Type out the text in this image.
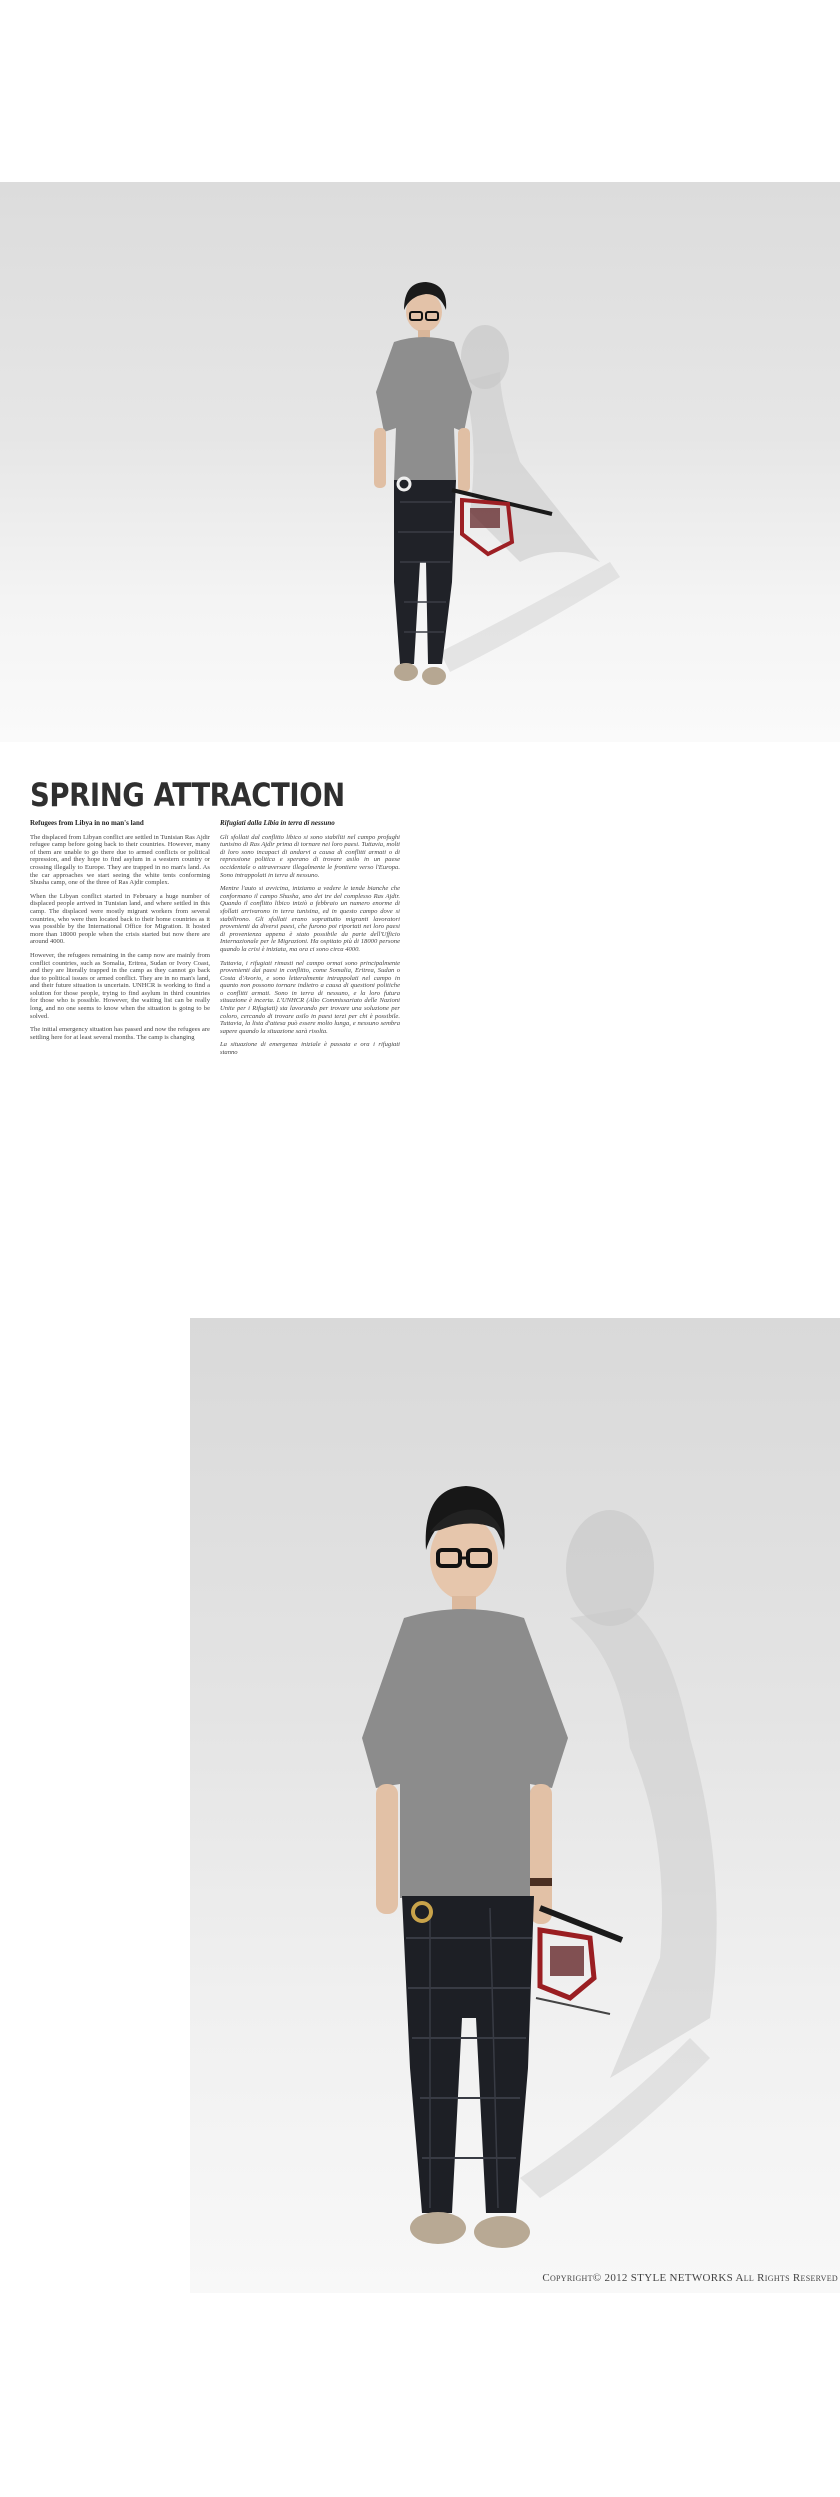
SPRING ATTRACTION
Refugees from Libya in no man's land

The displaced from Libyan conflict are settled in Tunisian Ras Ajdir refugee camp before going back to their countries. However, many of them are unable to go there due to armed conflicts or political repression, and they hope to find asylum in a western country or crossing illegally to Europe. They are trapped in no man's land. As the car approaches we start seeing the white tents conforming Shusha camp, one of the three of Ras Ajdir complex.

When the Libyan conflict started in February a huge number of displaced people arrived in Tunisian land, and where settled in this camp. The displaced were mostly migrant workers from several countries, who were then located back to their home countries as it was possible by the International Office for Migration. It hosted more than 18000 people when the crisis started but now there are around 4000.

However, the refugees remaining in the camp now are mainly from conflict countries, such as Somalia, Eritrea, Sudan or Ivory Coast, and they are literally trapped in the camp as they cannot go back due to political issues or armed conflict. They are in no man's land, and their future situation is uncertain. UNHCR is working to find a solution for those people, trying to find asylum in third countries for those who is possible. However, the waiting list can be really long, and no one seems to know when the situation is going to be solved.

The initial emergency situation has passed and now the refugees are settling here for at least several months. The camp is changing

Rifugiati dalla Libia in terra di nessuno

Gli sfollati dal conflitto libico si sono stabiliti nel campo profughi tunisino di Ras Ajdir prima di tornare nei loro paesi. Tuttavia, molti di loro sono incapaci di andarvi a causa di conflitti armati o di repressione politica e sperano di trovare asilo in un paese occidentale o attraversare illegalmente le frontiere verso l'Europa. Sono intrappolati in terra di nessuno.

Mentre l'auto si avvicina, iniziamo a vedere le tende bianche che conformano il campo Shusha, uno dei tre del complesso Ras Ajdir. Quando il conflitto libico iniziò a febbraio un numero enorme di sfollati arrivarono in terra tunisina, ed in questo campo dove si stabilirono. Gli sfollati erano soprattutto migranti lavoratori provenienti da diversi paesi, che furono poi riportati nei loro paesi di provenienza appena è stato possibile da parte dell'Ufficio Internazionale per le Migrazioni. Ha ospitato più di 18000 persone quando la crisi è iniziata, ma ora ci sono circa 4000.

Tuttavia, i rifugiati rimasti nel campo ormai sono principalmente provenienti dai paesi in conflitto, come Somalia, Eritrea, Sudan o Costa d'Avorio, e sono letteralmente intrappolati nel campo in quanto non possono tornare indietro a causa di questioni politiche o conflitti armati. Sono in terra di nessuno, e la loro futura situazione è incerta. L'UNHCR (Alto Commissariato delle Nazioni Unite per i Rifugiati) sta lavorando per trovare una soluzione per coloro, cercando di trovare asilo in paesi terzi per chi è possibile. Tuttavia, la lista d'attesa può essere molto lunga, e nessuno sembra sapere quando la situazione sarà risolta.

La situazione di emergenza iniziale è passata e ora i rifugiati stanno

Copyright© 2012 STYLE NETWORKS All Rights Reserved
